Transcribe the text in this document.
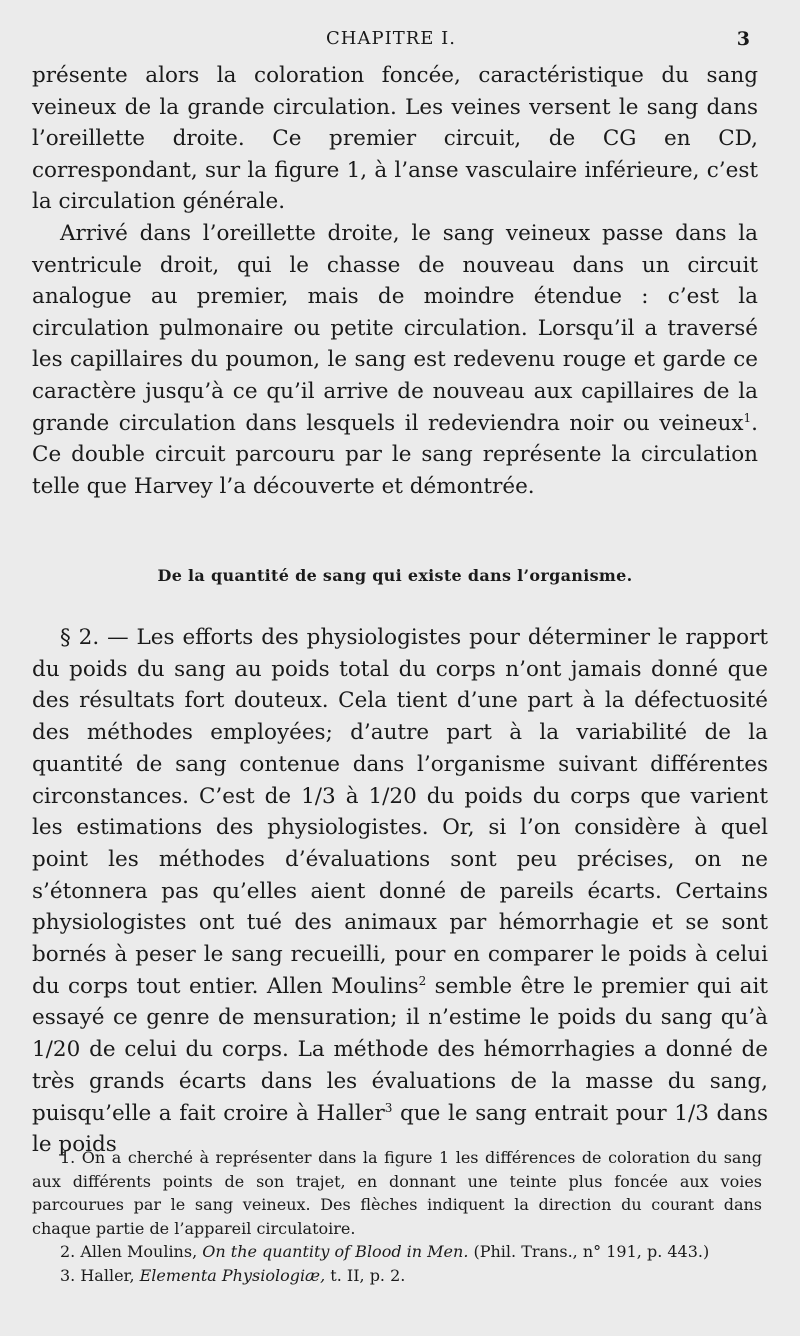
CHAPITRE I.	3

présente alors la coloration foncée, caractéristique du sang veineux de la grande circulation. Les veines versent le sang dans l’oreillette droite. Ce premier circuit, de CG en CD, correspondant, sur la figure 1, à l’anse vasculaire inférieure, c’est la circulation générale.

Arrivé dans l’oreillette droite, le sang veineux passe dans la ventricule droit, qui le chasse de nouveau dans un circuit analogue au premier, mais de moindre étendue : c’est la circulation pulmonaire ou petite circulation. Lorsqu’il a traversé les capillaires du poumon, le sang est redevenu rouge et garde ce caractère jusqu’à ce qu’il arrive de nouveau aux capillaires de la grande circulation dans lesquels il redeviendra noir ou veineux$^1$. Ce double circuit parcouru par le sang représente la circulation telle que Harvey l’a découverte et démontrée.

De la quantité de sang qui existe dans l’organisme.

§ 2. — Les efforts des physiologistes pour déterminer le rapport du poids du sang au poids total du corps n’ont jamais donné que des résultats fort douteux. Cela tient d’une part à la défectuosité des méthodes employées; d’autre part à la variabilité de la quantité de sang contenue dans l’organisme suivant différentes circonstances. C’est de 1/3 à 1/20 du poids du corps que varient les estimations des physiologistes. Or, si l’on considère à quel point les méthodes d’évaluations sont peu précises, on ne s’étonnera pas qu’elles aient donné de pareils écarts. Certains physiologistes ont tué des animaux par hémorrhagie et se sont bornés à peser le sang recueilli, pour en comparer le poids à celui du corps tout entier. Allen Moulins$^2$ semble être le premier qui ait essayé ce genre de mensuration; il n’estime le poids du sang qu’à 1/20 de celui du corps. La méthode des hémorrhagies a donné de très grands écarts dans les évaluations de la masse du sang, puisqu’elle a fait croire à Haller$^3$ que le sang entrait pour 1/3 dans le poids

1. On a cherché à représenter dans la figure 1 les différences de coloration du sang aux différents points de son trajet, en donnant une teinte plus foncée aux voies parcourues par le sang veineux. Des flèches indiquent la direction du courant dans chaque partie de l’appareil circulatoire.

2. Allen Moulins, On the quantity of Blood in Men. (Phil. Trans., n° 191, p. 443.)

3. Haller, Elementa Physiologiæ, t. II, p. 2.
